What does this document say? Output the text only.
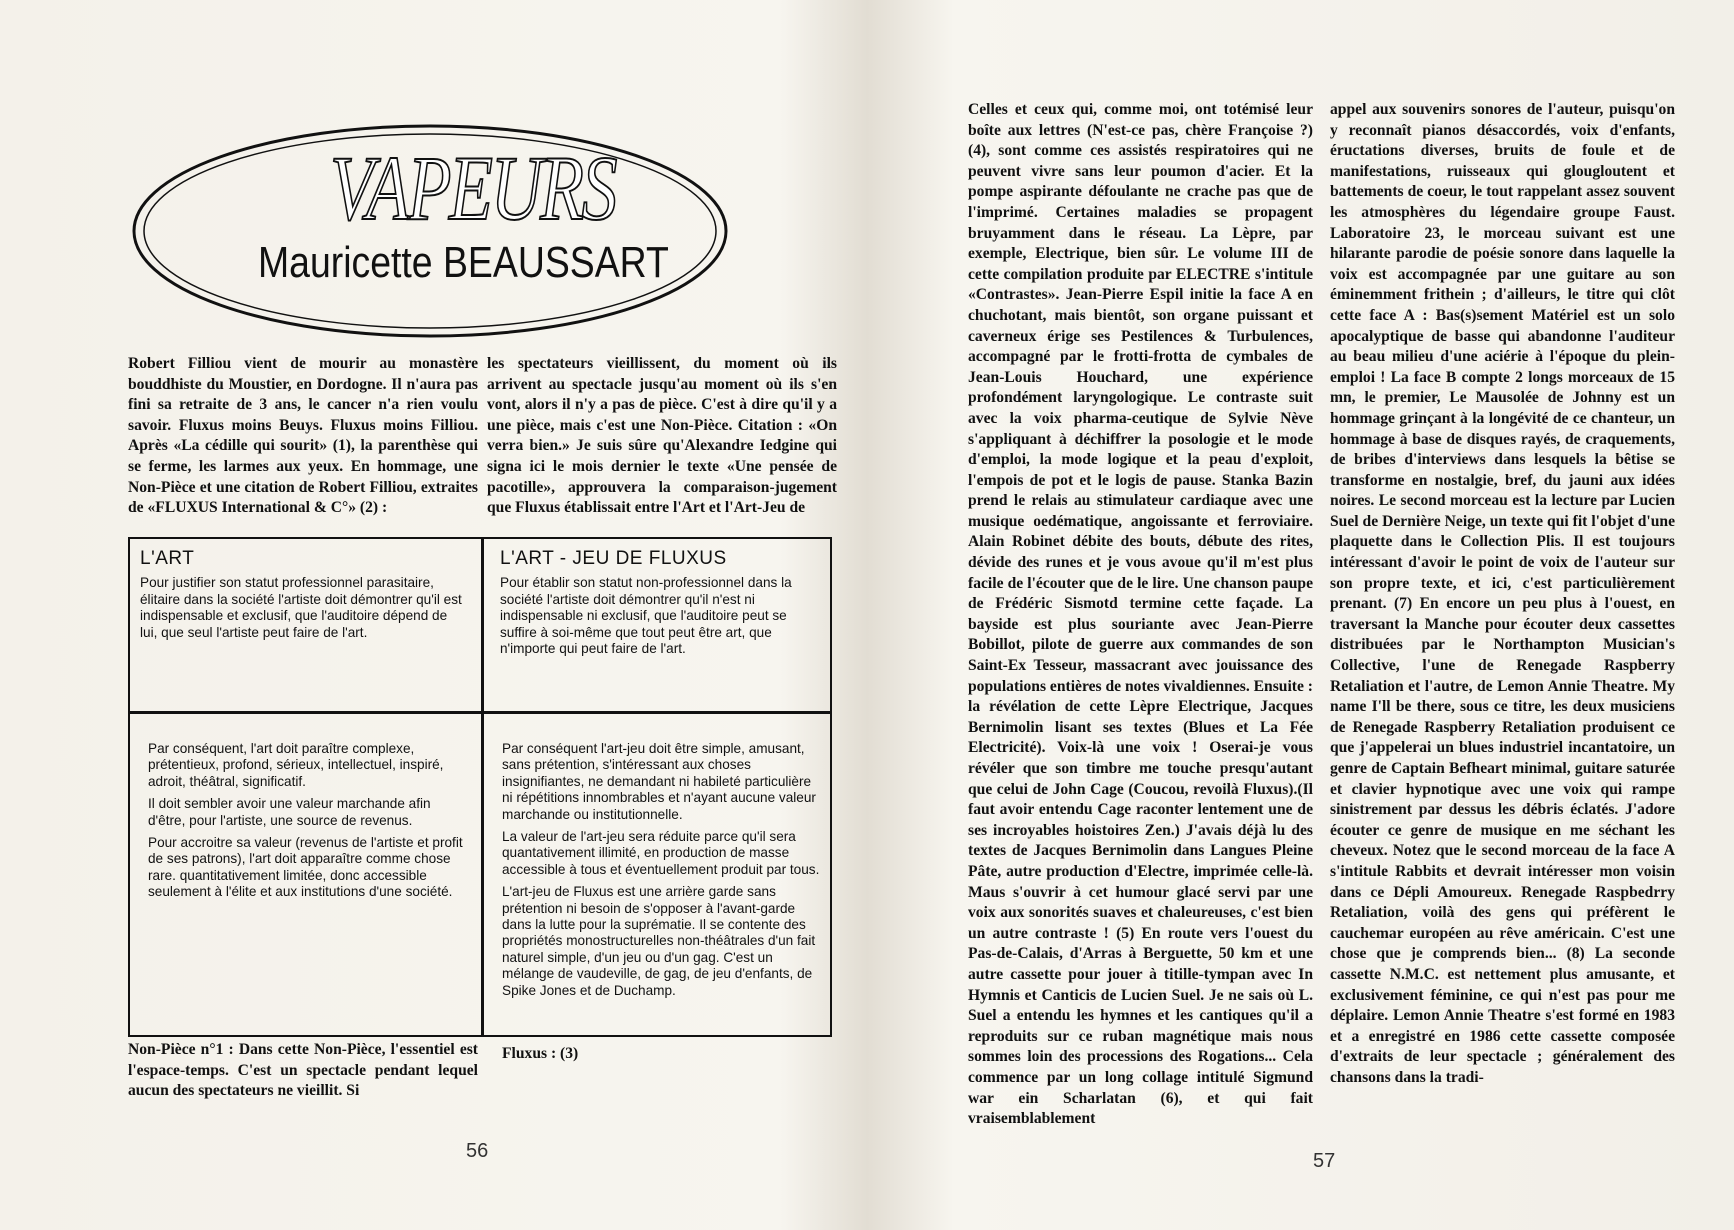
VAPEURS
Mauricette BEAUSSART
Robert Filliou vient de mourir au monastère bouddhiste du Moustier, en Dordogne. Il n'aura pas fini sa retraite de 3 ans, le cancer n'a rien voulu savoir. Fluxus moins Beuys. Fluxus moins Filliou. Après «La cédille qui sourit» (1), la parenthèse qui se ferme, les larmes aux yeux. En hommage, une Non-Pièce et une citation de Robert Filliou, extraites de «FLUXUS International & C°» (2) :
les spectateurs vieillissent, du moment où ils arrivent au spectacle jusqu'au moment où ils s'en vont, alors il n'y a pas de pièce. C'est à dire qu'il y a une pièce, mais c'est une Non-Pièce. Citation : «On verra bien.» Je suis sûre qu'Alexandre Iedgine qui signa ici le mois dernier le texte «Une pensée de pacotille», approuvera la comparaison-jugement que Fluxus établissait entre l'Art et l'Art-Jeu de
L'ART

Pour justifier son statut professionnel parasitaire, élitaire dans la société l'artiste doit démontrer qu'il est indispensable et exclusif, que l'auditoire dépend de lui, que seul l'artiste peut faire de l'art.

L'ART - JEU DE FLUXUS

Pour établir son statut non-professionnel dans la société l'artiste doit démontrer qu'il n'est ni indispensable ni exclusif, que l'auditoire peut se suffire à soi-même que tout peut être art, que n'importe qui peut faire de l'art.

Par conséquent, l'art doit paraître complexe, prétentieux, profond, sérieux, intellectuel, inspiré, adroit, théâtral, significatif.

Il doit sembler avoir une valeur marchande afin d'être, pour l'artiste, une source de revenus.

Pour accroitre sa valeur (revenus de l'artiste et profit de ses patrons), l'art doit apparaître comme chose rare. quantitativement limitée, donc accessible seulement à l'élite et aux institutions d'une société.

Par conséquent l'art-jeu doit être simple, amusant, sans prétention, s'intéressant aux choses insignifiantes, ne demandant ni habileté particulière ni répétitions innombrables et n'ayant aucune valeur marchande ou institutionnelle.

La valeur de l'art-jeu sera réduite parce qu'il sera quantativement illimité, en production de masse accessible à tous et éventuellement produit par tous.

L'art-jeu de Fluxus est une arrière garde sans prétention ni besoin de s'opposer à l'avant-garde dans la lutte pour la suprématie. Il se contente des propriétés monostructurelles non-théâtrales d'un fait naturel simple, d'un jeu ou d'un gag. C'est un mélange de vaudeville, de gag, de jeu d'enfants, de Spike Jones et de Duchamp.

Non-Pièce n°1 : Dans cette Non-Pièce, l'essentiel est l'espace-temps. C'est un spectacle pendant lequel aucun des spectateurs ne vieillit. Si
Fluxus : (3)
56
Celles et ceux qui, comme moi, ont totémisé leur boîte aux lettres (N'est-ce pas, chère Françoise ?) (4), sont comme ces assistés respiratoires qui ne peuvent vivre sans leur poumon d'acier. Et la pompe aspirante défoulante ne crache pas que de l'imprimé. Certaines maladies se propagent bruyamment dans le réseau. La Lèpre, par exemple, Electrique, bien sûr. Le volume III de cette compilation produite par ELECTRE s'intitule «Contrastes». Jean-Pierre Espil initie la face A en chuchotant, mais bientôt, son organe puissant et caverneux érige ses Pestilences & Turbulences, accompagné par le frotti-frotta de cymbales de Jean-Louis Houchard, une expérience profondément laryngologique. Le contraste suit avec la voix pharma-ceutique de Sylvie Nève s'appliquant à déchiffrer la posologie et le mode d'emploi, la mode logique et la peau d'exploit, l'empois de pot et le logis de pause. Stanka Bazin prend le relais au stimulateur cardiaque avec une musique oedématique, angoissante et ferroviaire. Alain Robinet débite des bouts, débute des rites, dévide des runes et je vous avoue qu'il m'est plus facile de l'écouter que de le lire. Une chanson paupe de Frédéric Sismotd termine cette façade. La bayside est plus souriante avec Jean-Pierre Bobillot, pilote de guerre aux commandes de son Saint-Ex Tesseur, massacrant avec jouissance des populations entières de notes vivaldiennes. Ensuite : la révélation de cette Lèpre Electrique, Jacques Bernimolin lisant ses textes (Blues et La Fée Electricité). Voix-là une voix ! Oserai-je vous révéler que son timbre me touche presqu'autant que celui de John Cage (Coucou, revoilà Fluxus).(Il faut avoir entendu Cage raconter lentement une de ses incroyables hoistoires Zen.) J'avais déjà lu des textes de Jacques Bernimolin dans Langues Pleine Pâte, autre production d'Electre, imprimée celle-là. Maus s'ouvrir à cet humour glacé servi par une voix aux sonorités suaves et chaleureuses, c'est bien un autre contraste ! (5) En route vers l'ouest du Pas-de-Calais, d'Arras à Berguette, 50 km et une autre cassette pour jouer à titille-tympan avec In Hymnis et Canticis de Lucien Suel. Je ne sais où L. Suel a entendu les hymnes et les cantiques qu'il a reproduits sur ce ruban magnétique mais nous sommes loin des processions des Rogations... Cela commence par un long collage intitulé Sigmund war ein Scharlatan (6), et qui fait vraisemblablement
appel aux souvenirs sonores de l'auteur, puisqu'on y reconnaît pianos désaccordés, voix d'enfants, éructations diverses, bruits de foule et de manifestations, ruisseaux qui glougloutent et battements de coeur, le tout rappelant assez souvent les atmosphères du légendaire groupe Faust. Laboratoire 23, le morceau suivant est une hilarante parodie de poésie sonore dans laquelle la voix est accompagnée par une guitare au son éminemment frithein ; d'ailleurs, le titre qui clôt cette face A : Bas(s)sement Matériel est un solo apocalyptique de basse qui abandonne l'auditeur au beau milieu d'une aciérie à l'époque du plein-emploi ! La face B compte 2 longs morceaux de 15 mn, le premier, Le Mausolée de Johnny est un hommage grinçant à la longévité de ce chanteur, un hommage à base de disques rayés, de craquements, de bribes d'interviews dans lesquels la bêtise se transforme en nostalgie, bref, du jauni aux idées noires. Le second morceau est la lecture par Lucien Suel de Dernière Neige, un texte qui fit l'objet d'une plaquette dans le Collection Plis. Il est toujours intéressant d'avoir le point de voix de l'auteur sur son propre texte, et ici, c'est particulièrement prenant. (7) En encore un peu plus à l'ouest, en traversant la Manche pour écouter deux cassettes distribuées par le Northampton Musician's Collective, l'une de Renegade Raspberry Retaliation et l'autre, de Lemon Annie Theatre. My name I'll be there, sous ce titre, les deux musiciens de Renegade Raspberry Retaliation produisent ce que j'appelerai un blues industriel incantatoire, un genre de Captain Befheart minimal, guitare saturée et clavier hypnotique avec une voix qui rampe sinistrement par dessus les débris éclatés. J'adore écouter ce genre de musique en me séchant les cheveux. Notez que le second morceau de la face A s'intitule Rabbits et devrait intéresser mon voisin dans ce Dépli Amoureux. Renegade Raspbedrry Retaliation, voilà des gens qui préfèrent le cauchemar européen au rêve américain. C'est une chose que je comprends bien... (8) La seconde cassette N.M.C. est nettement plus amusante, et exclusivement féminine, ce qui n'est pas pour me déplaire. Lemon Annie Theatre s'est formé en 1983 et a enregistré en 1986 cette cassette composée d'extraits de leur spectacle ; généralement des chansons dans la tradi-
57
